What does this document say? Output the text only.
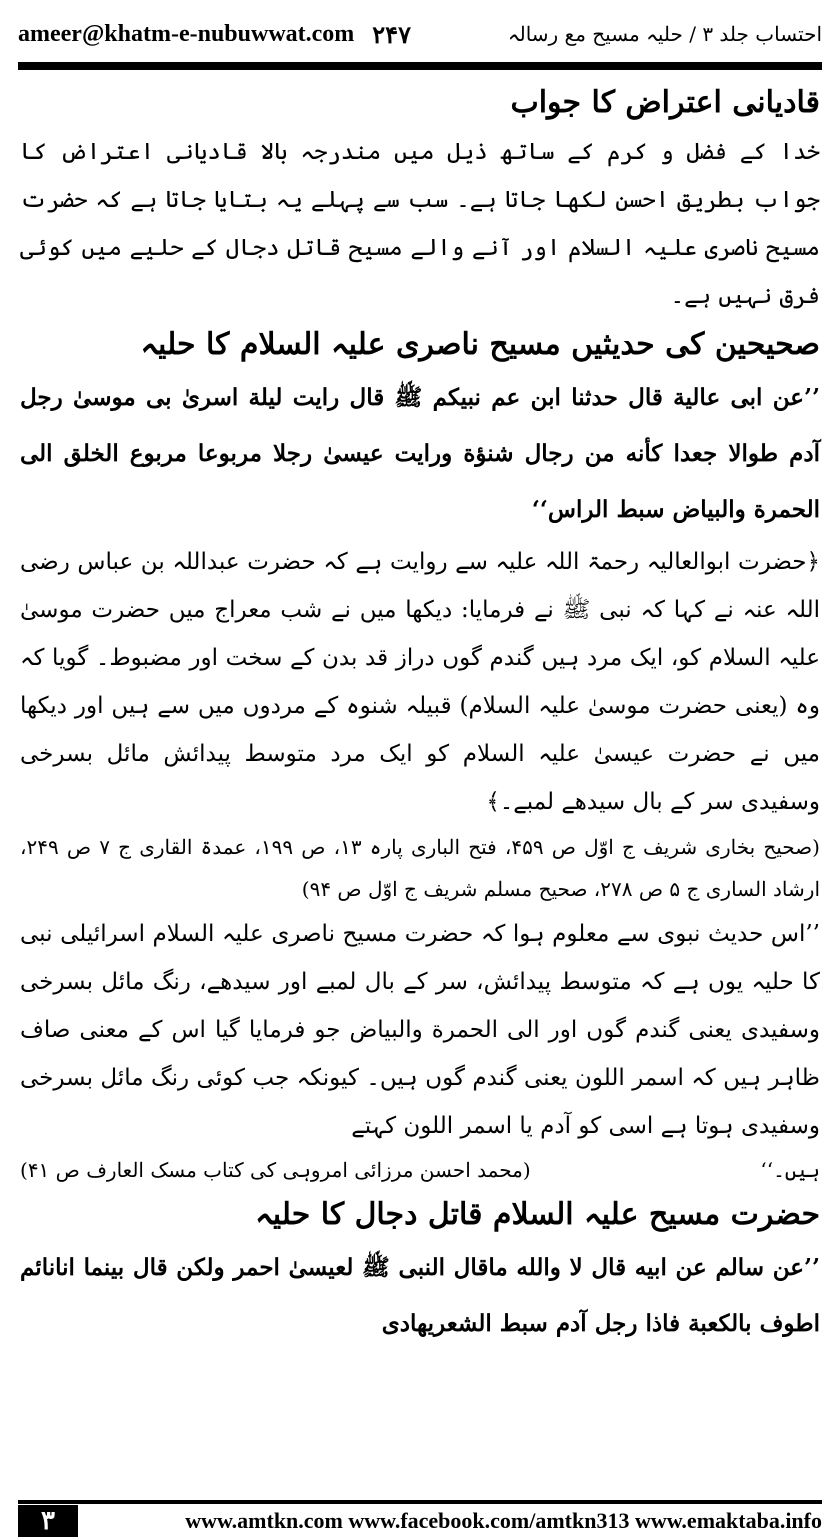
ameer@khatm-e-nubuwwat.com ۲۴۷	احتساب جلد ۳ / حلیہ مسیح مع رسالہ

قادیانی اعتراض کا جواب

خدا کے فضل و کرم کے ساتھ ذیل میں مندرجہ بالا قادیانی اعتراض کا جواب بطریق احسن لکھا جاتا ہے۔ سب سے پہلے یہ بتایا جاتا ہے کہ حضرت مسیح ناصری علیہ السلام اور آنے والے مسیح قاتل دجال کے حلیے میں کوئی فرق نہیں ہے۔

صحیحین کی حدیثیں مسیح ناصری علیہ السلام کا حلیہ

’’عن ابی عالیة قال حدثنا ابن عم نبیکم ﷺ قال رایت لیلة اسریٰ بی موسیٰ رجل آدم طوالا جعدا کأنه من رجال شنؤة ورایت عیسیٰ رجلا مربوعا مربوع الخلق الی الحمرة والبیاض سبط الراس‘‘

﴿حضرت ابوالعالیہ رحمۃ اللہ علیہ سے روایت ہے کہ حضرت عبداللہ بن عباس رضی اللہ عنہ نے کہا کہ نبی ﷺ نے فرمایا: دیکھا میں نے شب معراج میں حضرت موسیٰ علیہ السلام کو، ایک مرد ہیں گندم گوں دراز قد بدن کے سخت اور مضبوط۔ گویا کہ وہ (یعنی حضرت موسیٰ علیہ السلام) قبیلہ شنوہ کے مردوں میں سے ہیں اور دیکھا میں نے حضرت عیسیٰ علیہ السلام کو ایک مرد متوسط پیدائش مائل بسرخی وسفیدی سر کے بال سیدھے لمبے۔﴾

(صحیح بخاری شریف ج اوّل ص ۴۵۹، فتح الباری پارہ ۱۳، ص ۱۹۹، عمدۃ القاری ج ۷ ص ۲۴۹، ارشاد الساری ج ۵ ص ۲۷۸، صحیح مسلم شریف ج اوّل ص ۹۴)

’’اس حدیث نبوی سے معلوم ہوا کہ حضرت مسیح ناصری علیہ السلام اسرائیلی نبی کا حلیہ یوں ہے کہ متوسط پیدائش، سر کے بال لمبے اور سیدھے، رنگ مائل بسرخی وسفیدی یعنی گندم گوں اور الی الحمرة والبیاض جو فرمایا گیا اس کے معنی صاف ظاہر ہیں کہ اسمر اللون یعنی گندم گوں ہیں۔ کیونکہ جب کوئی رنگ مائل بسرخی وسفیدی ہوتا ہے اسی کو آدم یا اسمر اللون کہتے

ہیں۔‘‘
(محمد احسن مرزائی امروہی کی کتاب مسک العارف ص ۴۱)

حضرت مسیح علیہ السلام قاتل دجال کا حلیہ

’’عن سالم عن ابیه قال لا والله ماقال النبی ﷺ لعیسیٰ احمر ولكن قال بينما انانائم اطوف بالكعبة فاذا رجل آدم سبط الشعريهادى

۳	www.amtkn.com www.facebook.com/amtkn313 www.emaktaba.info
